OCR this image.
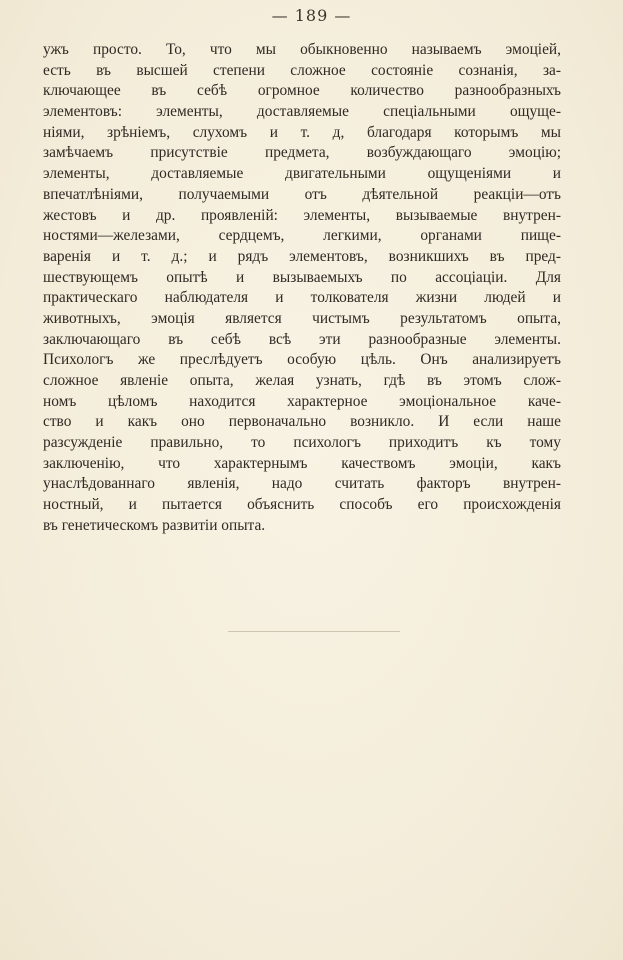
— 189 —
ужъ просто. То, что мы обыкновенно называемъ эмоціей,
есть въ высшей степени сложное состояніе сознанія, за-
ключающее въ себѣ огромное количество разнообразныхъ
элементовъ: элементы, доставляемые спеціальными ощуще-
ніями, зрѣніемъ, слухомъ и т. д, благодаря которымъ мы
замѣчаемъ присутствіе предмета, возбуждающаго эмоцію;
элементы, доставляемые двигательными ощущеніями и
впечатлѣніями, получаемыми отъ дѣятельной реакціи—отъ
жестовъ и др. проявленій: элементы, вызываемые внутрен-
ностями—железами, сердцемъ, легкими, органами пище-
варенія и т. д.; и рядъ элементовъ, возникшихъ въ пред-
шествующемъ опытѣ и вызываемыхъ по ассоціаціи. Для
практическаго наблюдателя и толкователя жизни людей и
животныхъ, эмоція является чистымъ результатомъ опыта,
заключающаго въ себѣ всѣ эти разнообразные элементы.
Психологъ же преслѣдуетъ особую цѣль. Онъ анализируетъ
сложное явленіе опыта, желая узнать, гдѣ въ этомъ слож-
номъ цѣломъ находится характерное эмоціональное каче-
ство и какъ оно первоначально возникло. И если наше
разсужденіе правильно, то психологъ приходитъ къ тому
заключенію, что характернымъ качествомъ эмоціи, какъ
унаслѣдованнаго явленія, надо считать факторъ внутрен-
ностный, и пытается объяснить способъ его происхожденія
въ генетическомъ развитіи опыта.
